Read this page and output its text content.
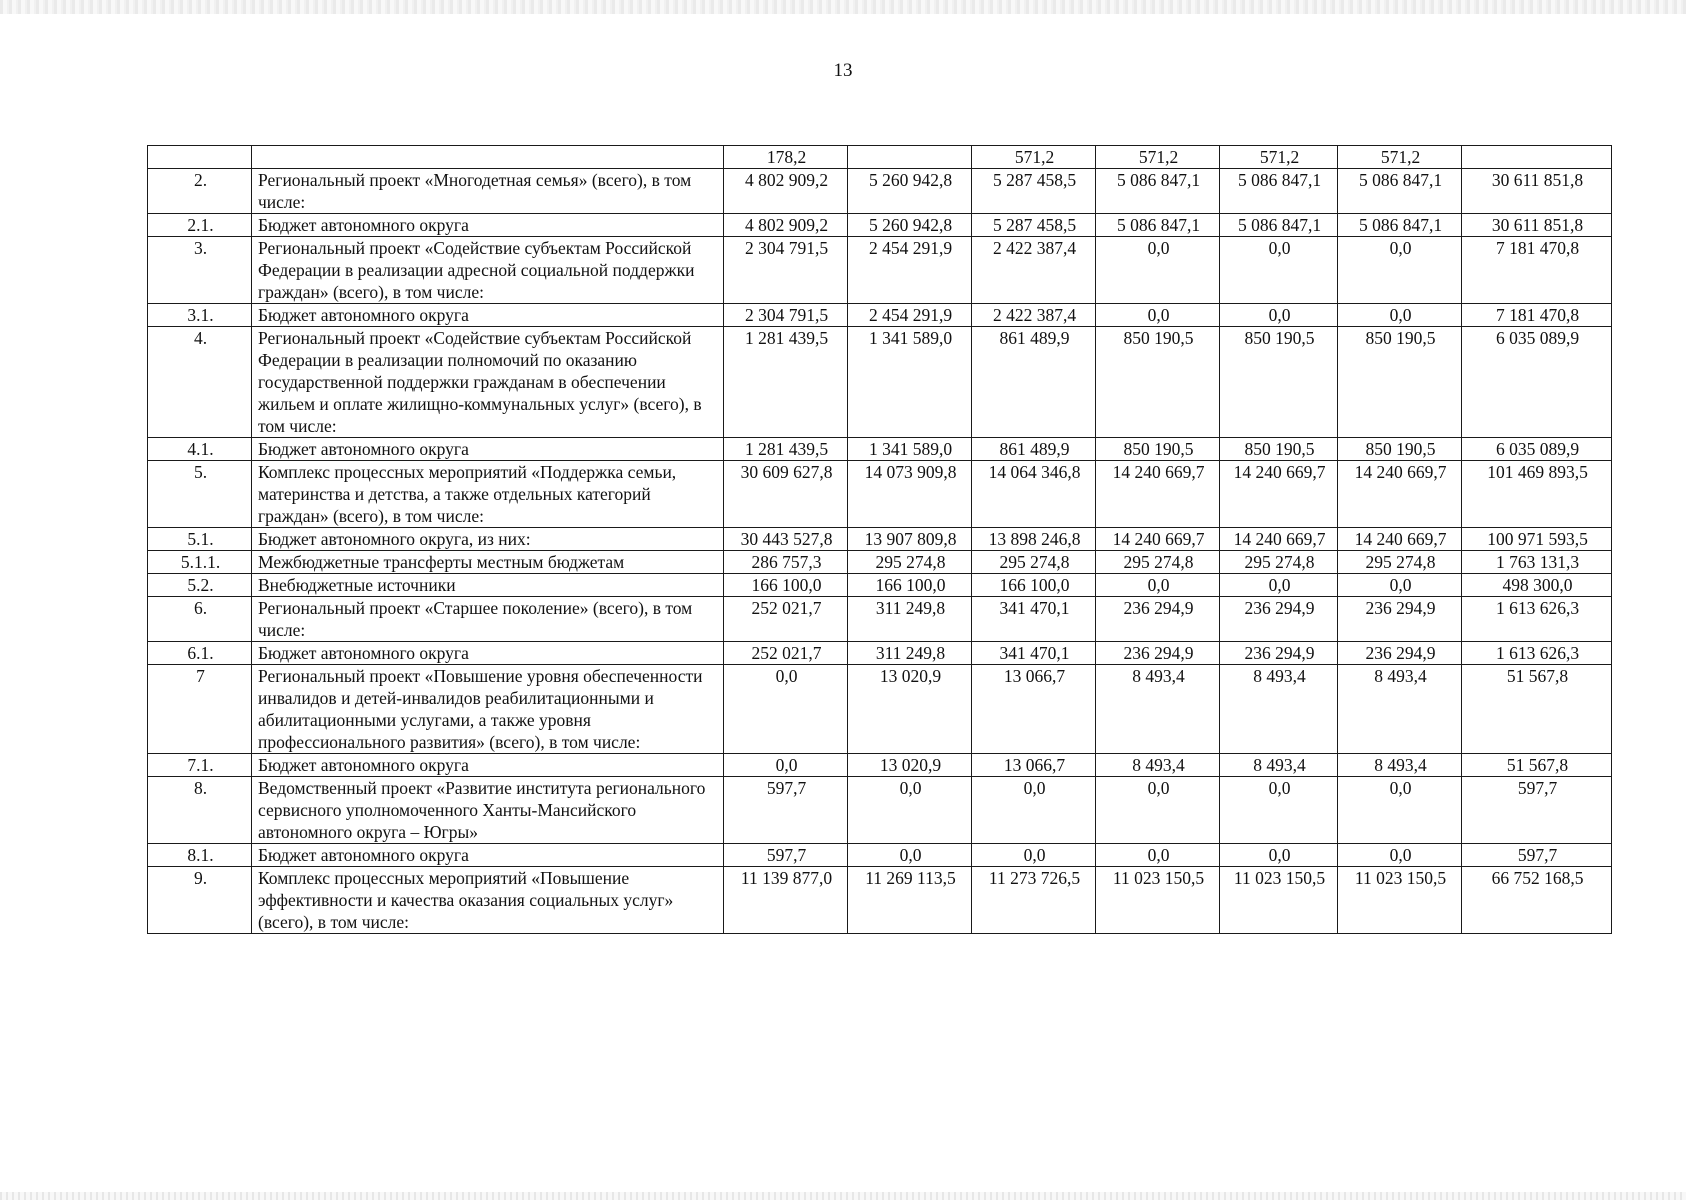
13
		178,2		571,2	571,2	571,2	571,2	
2.	Региональный проект «Многодетная семья» (всего), в том числе:	4 802 909,2	5 260 942,8	5 287 458,5	5 086 847,1	5 086 847,1	5 086 847,1	30 611 851,8
2.1.	Бюджет автономного округа	4 802 909,2	5 260 942,8	5 287 458,5	5 086 847,1	5 086 847,1	5 086 847,1	30 611 851,8
3.	Региональный проект «Содействие субъектам Российской Федерации в реализации адресной социальной поддержки граждан» (всего), в том числе:	2 304 791,5	2 454 291,9	2 422 387,4	0,0	0,0	0,0	7 181 470,8
3.1.	Бюджет автономного округа	2 304 791,5	2 454 291,9	2 422 387,4	0,0	0,0	0,0	7 181 470,8
4.	Региональный проект «Содействие субъектам Российской Федерации в реализации полномочий по оказанию государственной поддержки гражданам в обеспечении жильем и оплате жилищно-коммунальных услуг» (всего), в том числе:	1 281 439,5	1 341 589,0	861 489,9	850 190,5	850 190,5	850 190,5	6 035 089,9
4.1.	Бюджет автономного округа	1 281 439,5	1 341 589,0	861 489,9	850 190,5	850 190,5	850 190,5	6 035 089,9
5.	Комплекс процессных мероприятий «Поддержка семьи, материнства и детства, а также отдельных категорий граждан» (всего), в том числе:	30 609 627,8	14 073 909,8	14 064 346,8	14 240 669,7	14 240 669,7	14 240 669,7	101 469 893,5
5.1.	Бюджет автономного округа, из них:	30 443 527,8	13 907 809,8	13 898 246,8	14 240 669,7	14 240 669,7	14 240 669,7	100 971 593,5
5.1.1.	Межбюджетные трансферты местным бюджетам	286 757,3	295 274,8	295 274,8	295 274,8	295 274,8	295 274,8	1 763 131,3
5.2.	Внебюджетные источники	166 100,0	166 100,0	166 100,0	0,0	0,0	0,0	498 300,0
6.	Региональный проект «Старшее поколение» (всего), в том числе:	252 021,7	311 249,8	341 470,1	236 294,9	236 294,9	236 294,9	1 613 626,3
6.1.	Бюджет автономного округа	252 021,7	311 249,8	341 470,1	236 294,9	236 294,9	236 294,9	1 613 626,3
7	Региональный проект «Повышение уровня обеспеченности инвалидов и детей-инвалидов реабилитационными и абилитационными услугами, а также уровня профессионального развития» (всего), в том числе:	0,0	13 020,9	13 066,7	8 493,4	8 493,4	8 493,4	51 567,8
7.1.	Бюджет автономного округа	0,0	13 020,9	13 066,7	8 493,4	8 493,4	8 493,4	51 567,8
8.	Ведомственный проект «Развитие института регионального сервисного уполномоченного Ханты-Мансийского автономного округа – Югры»	597,7	0,0	0,0	0,0	0,0	0,0	597,7
8.1.	Бюджет автономного округа	597,7	0,0	0,0	0,0	0,0	0,0	597,7
9.	Комплекс процессных мероприятий «Повышение эффективности и качества оказания социальных услуг» (всего), в том числе:	11 139 877,0	11 269 113,5	11 273 726,5	11 023 150,5	11 023 150,5	11 023 150,5	66 752 168,5
